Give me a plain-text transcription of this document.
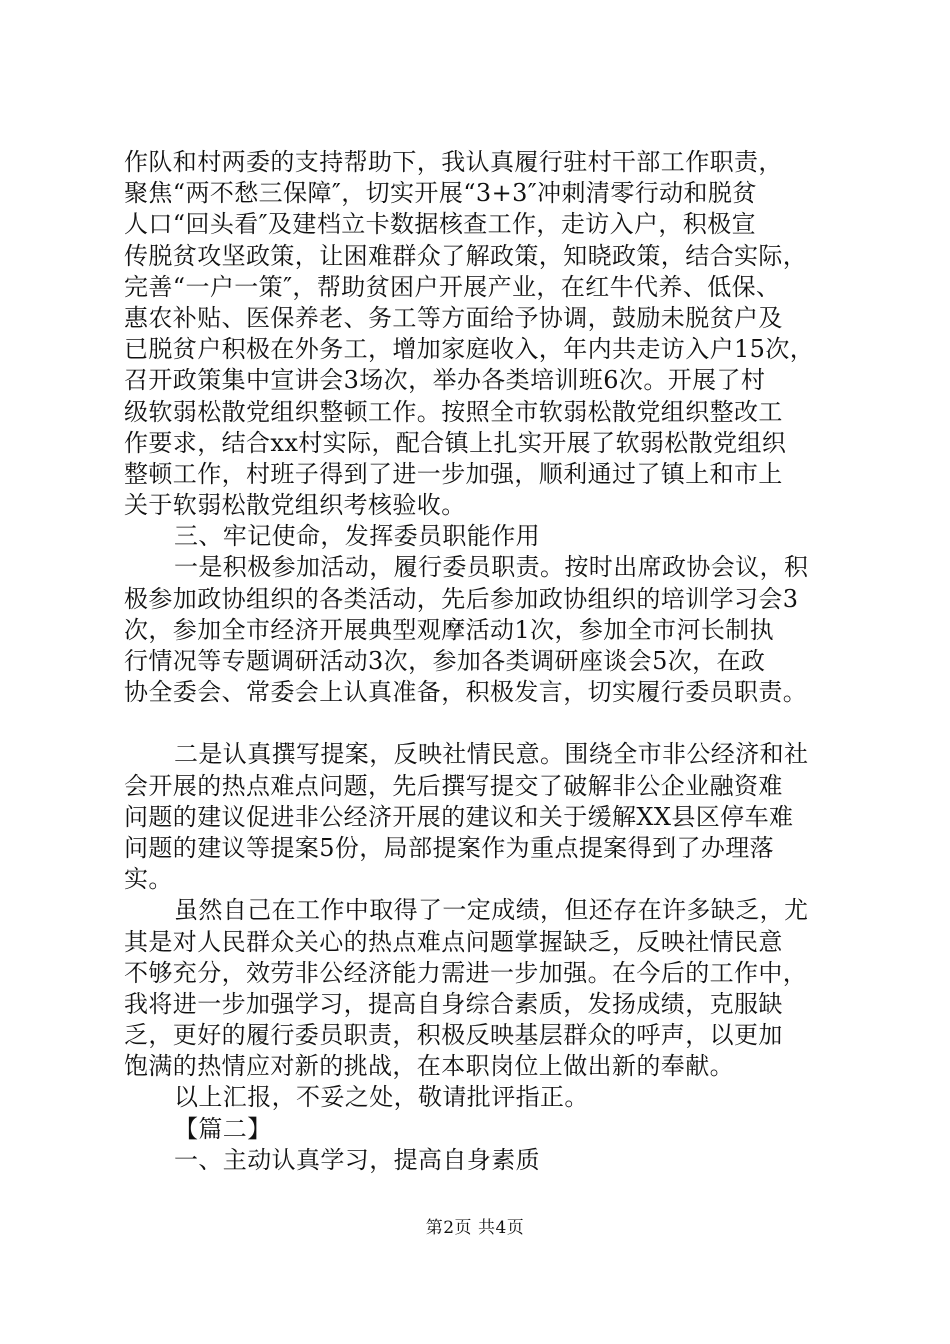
作队和村两委的支持帮助下，我认真履行驻村干部工作职责，
聚焦“两不愁三保障″，切实开展“3+3″冲刺清零行动和脱贫
人口“回头看″及建档立卡数据核查工作，走访入户，积极宣
传脱贫攻坚政策，让困难群众了解政策，知晓政策，结合实际，
完善“一户一策″，帮助贫困户开展产业，在红牛代养、低保、
惠农补贴、医保养老、务工等方面给予协调，鼓励未脱贫户及
已脱贫户积极在外务工，增加家庭收入，年内共走访入户15次，
召开政策集中宣讲会3场次，举办各类培训班6次。开展了村
级软弱松散党组织整顿工作。按照全市软弱松散党组织整改工
作要求，结合xx村实际，配合镇上扎实开展了软弱松散党组织
整顿工作，村班子得到了进一步加强，顺利通过了镇上和市上
关于软弱松散党组织考核验收。
三、牢记使命，发挥委员职能作用
一是积极参加活动，履行委员职责。按时出席政协会议，积
极参加政协组织的各类活动，先后参加政协组织的培训学习会3
次，参加全市经济开展典型观摩活动1次，参加全市河长制执
行情况等专题调研活动3次，参加各类调研座谈会5次，在政
协全委会、常委会上认真准备，积极发言，切实履行委员职责。
二是认真撰写提案，反映社情民意。围绕全市非公经济和社
会开展的热点难点问题，先后撰写提交了破解非公企业融资难
问题的建议促进非公经济开展的建议和关于缓解XX县区停车难
问题的建议等提案5份，局部提案作为重点提案得到了办理落
实。
虽然自己在工作中取得了一定成绩，但还存在许多缺乏，尤
其是对人民群众关心的热点难点问题掌握缺乏，反映社情民意
不够充分，效劳非公经济能力需进一步加强。在今后的工作中，
我将进一步加强学习，提高自身综合素质，发扬成绩，克服缺
乏，更好的履行委员职责，积极反映基层群众的呼声，以更加
饱满的热情应对新的挑战，在本职岗位上做出新的奉献。
以上汇报，不妥之处，敬请批评指正。
【篇二】
一、主动认真学习，提高自身素质
第2页 共4页
